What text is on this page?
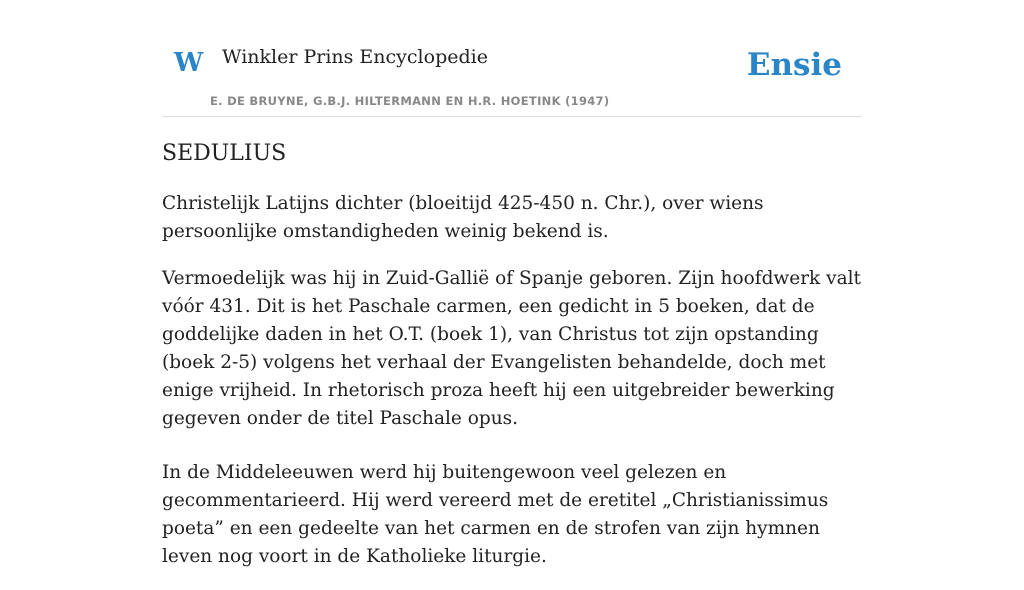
W Winkler Prins Encyclopedie
E. DE BRUYNE, G.B.J. HILTERMANN EN H.R. HOETINK (1947)
Ensie
SEDULIUS

Christelijk Latijns dichter (bloeitijd 425-450 n. Chr.), over wiens persoonlijke omstandigheden weinig bekend is.

Vermoedelijk was hij in Zuid-Gallië of Spanje geboren. Zijn hoofdwerk valt vóór 431. Dit is het Paschale carmen, een gedicht in 5 boeken, dat de goddelijke daden in het O.T. (boek 1), van Christus tot zijn opstanding (boek 2-5) volgens het verhaal der Evangelisten behandelde, doch met enige vrijheid. In rhetorisch proza heeft hij een uitgebreider bewerking gegeven onder de titel Paschale opus.

In de Middeleeuwen werd hij buitengewoon veel gelezen en gecommentarieerd. Hij werd vereerd met de eretitel „Christianissimus poeta” en een gedeelte van het carmen en de strofen van zijn hymnen leven nog voort in de Katholieke liturgie.
